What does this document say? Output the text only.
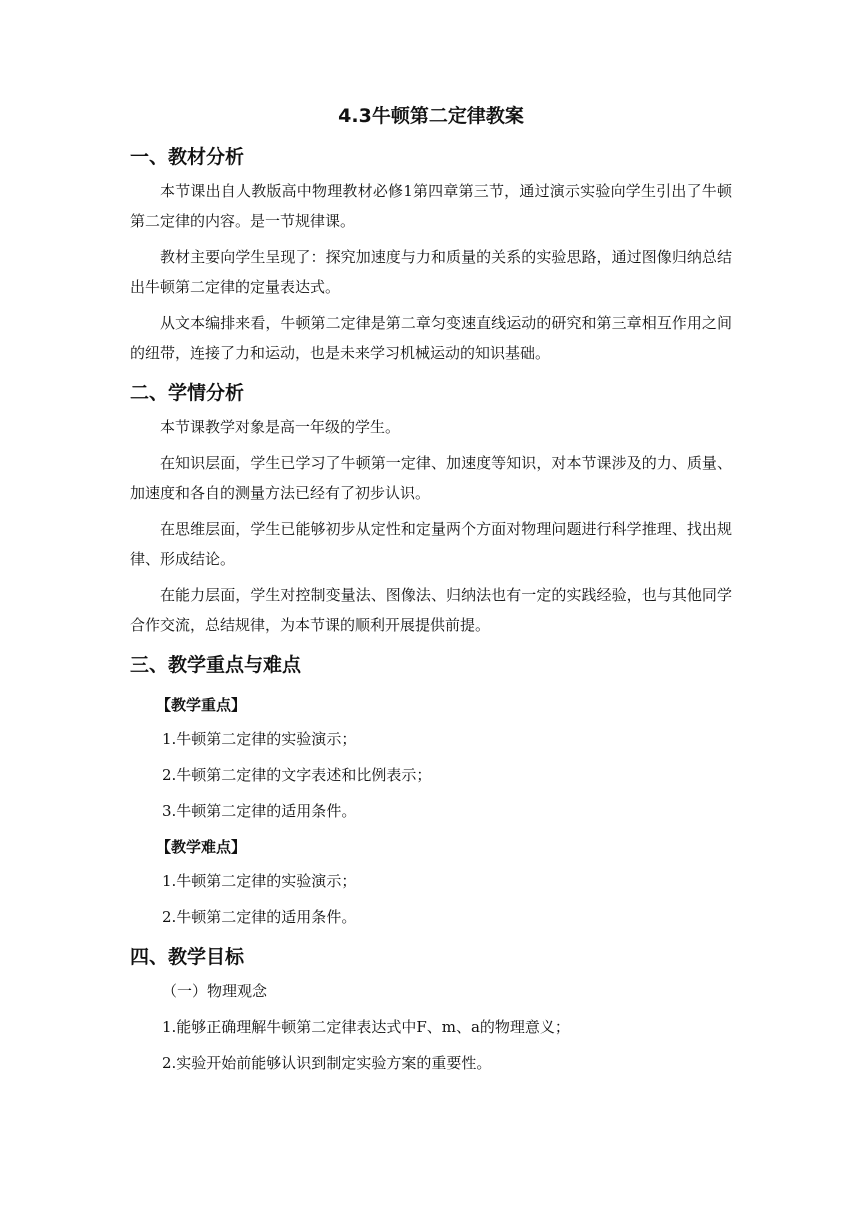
4.3牛顿第二定律教案
一、教材分析

本节课出自人教版高中物理教材必修1第四章第三节，通过演示实验向学生引出了牛顿第二定律的内容。是一节规律课。

教材主要向学生呈现了：探究加速度与力和质量的关系的实验思路，通过图像归纳总结出牛顿第二定律的定量表达式。

从文本编排来看，牛顿第二定律是第二章匀变速直线运动的研究和第三章相互作用之间的纽带，连接了力和运动，也是未来学习机械运动的知识基础。

二、学情分析

本节课教学对象是高一年级的学生。

在知识层面，学生已学习了牛顿第一定律、加速度等知识，对本节课涉及的力、质量、加速度和各自的测量方法已经有了初步认识。

在思维层面，学生已能够初步从定性和定量两个方面对物理问题进行科学推理、找出规律、形成结论。

在能力层面，学生对控制变量法、图像法、归纳法也有一定的实践经验，也与其他同学合作交流，总结规律，为本节课的顺利开展提供前提。

三、教学重点与难点
【教学重点】
1.牛顿第二定律的实验演示；
2.牛顿第二定律的文字表述和比例表示；
3.牛顿第二定律的适用条件。
【教学难点】
1.牛顿第二定律的实验演示；
2.牛顿第二定律的适用条件。
四、教学目标
（一）物理观念
1.能够正确理解牛顿第二定律表达式中F、m、a的物理意义；
2.实验开始前能够认识到制定实验方案的重要性。
